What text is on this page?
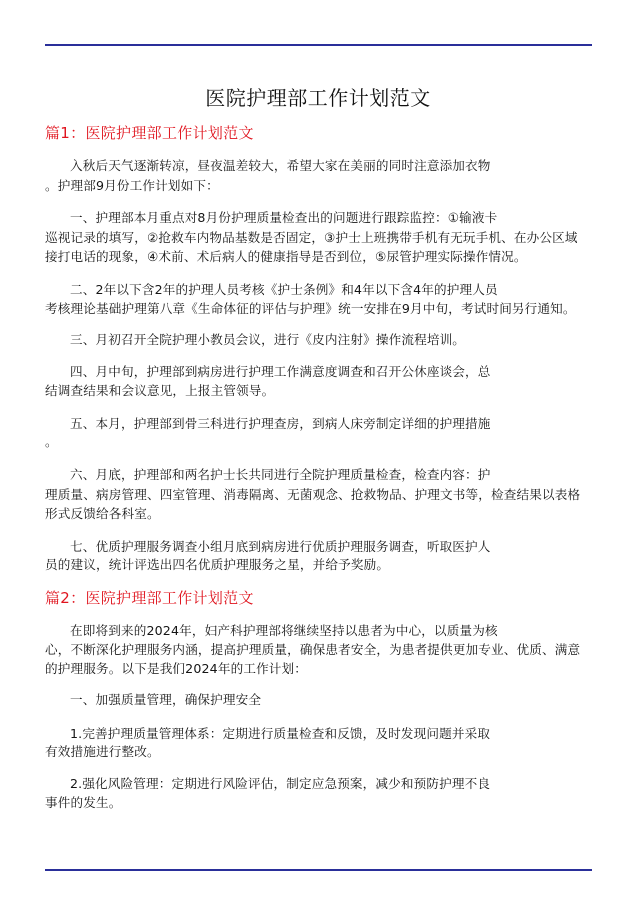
医院护理部工作计划范文
篇1：医院护理部工作计划范文
入秋后天气逐渐转凉，昼夜温差较大，希望大家在美丽的同时注意添加衣物
。护理部9月份工作计划如下：
一、护理部本月重点对8月份护理质量检查出的问题进行跟踪监控：①输液卡
巡视记录的填写，②抢救车内物品基数是否固定，③护士上班携带手机有无玩手机、在办公区域
接打电话的现象，④术前、术后病人的健康指导是否到位，⑤尿管护理实际操作情况。
二、2年以下含2年的护理人员考核《护士条例》和4年以下含4年的护理人员
考核理论基础护理第八章《生命体征的评估与护理》统一安排在9月中旬，考试时间另行通知。
三、月初召开全院护理小教员会议，进行《皮内注射》操作流程培训。
四、月中旬，护理部到病房进行护理工作满意度调查和召开公休座谈会，总
结调查结果和会议意见，上报主管领导。
五、本月，护理部到骨三科进行护理查房，到病人床旁制定详细的护理措施
。
六、月底，护理部和两名护士长共同进行全院护理质量检查，检查内容：护
理质量、病房管理、四室管理、消毒隔离、无菌观念、抢救物品、护理文书等，检查结果以表格
形式反馈给各科室。
七、优质护理服务调查小组月底到病房进行优质护理服务调查，听取医护人
员的建议，统计评选出四名优质护理服务之星，并给予奖励。
篇2：医院护理部工作计划范文
在即将到来的2024年，妇产科护理部将继续坚持以患者为中心，以质量为核
心，不断深化护理服务内涵，提高护理质量，确保患者安全，为患者提供更加专业、优质、满意
的护理服务。以下是我们2024年的工作计划：
一、加强质量管理，确保护理安全
1.完善护理质量管理体系：定期进行质量检查和反馈，及时发现问题并采取
有效措施进行整改。
2.强化风险管理：定期进行风险评估，制定应急预案，减少和预防护理不良
事件的发生。
